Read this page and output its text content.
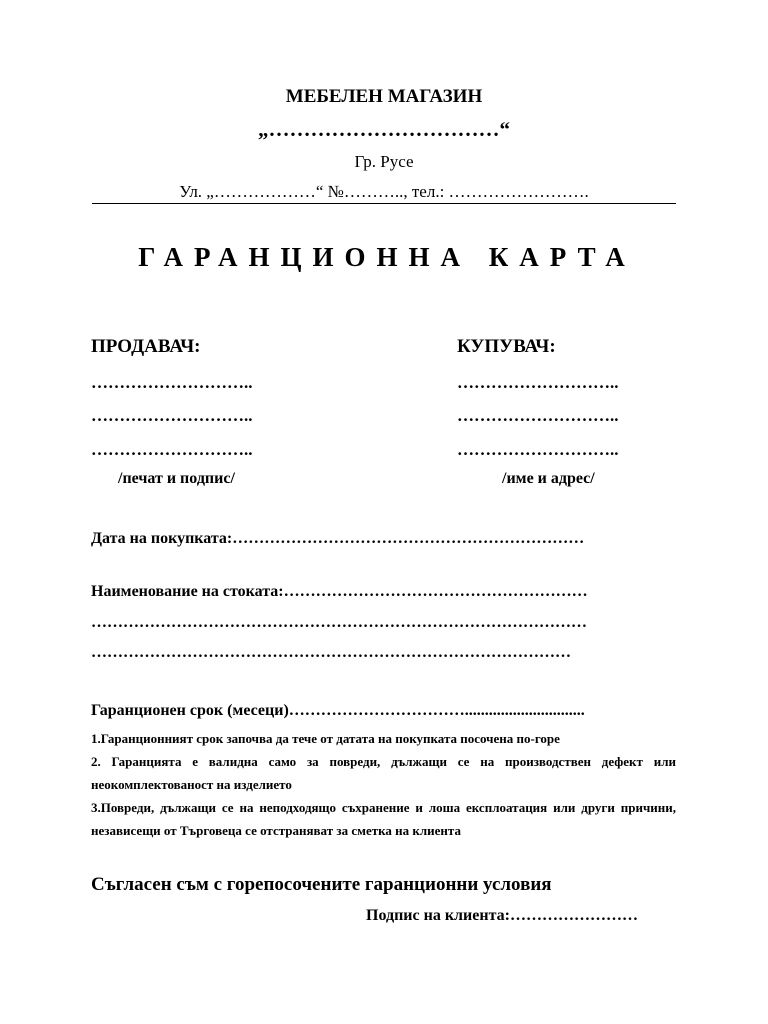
МЕБЕЛЕН МАГАЗИН
„……………………………“
Гр. Русе
Ул. „………………“ №……….., тел.: …………………….
ГАРАНЦИОННА КАРТА
ПРОДАВАЧ:
………………………..
………………………..
………………………..
/печат и подпис/
КУПУВАЧ:
………………………..
………………………..
………………………..
/име и адрес/
Дата на покупката:…………………………………………………………
Наименование на стоката:…………………………………………………
…………………………………………………………………………………
………………………………………………………………………………
Гаранционен срок (месеци)……………………………..............................

1.Гаранционният срок започва да тече от датата на покупката посочена по-горе

2. Гаранцията е валидна само за повреди, дължащи се на производствен дефект или неокомплектованост на изделието

3.Повреди, дължащи се на неподходящо съхранение и лоша експлоатация или други причини, независещи от Търговеца се отстраняват за сметка на клиента

Съгласен съм с горепосочените гаранционни условия
Подпис на клиента:……………………
